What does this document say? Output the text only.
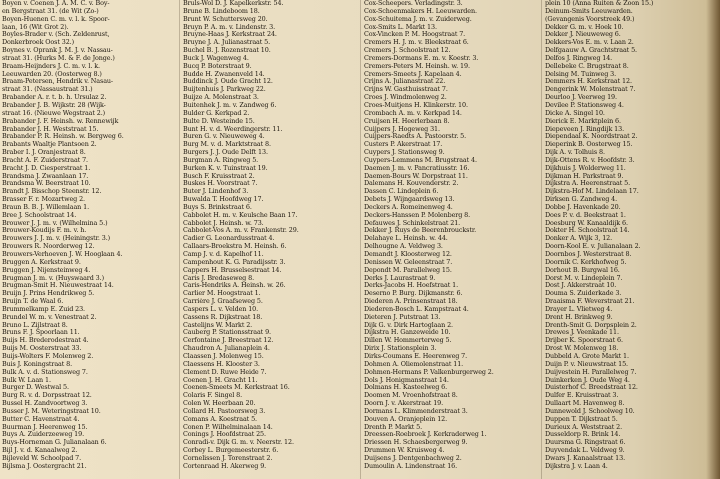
Boyen v. Coenen J. A. M. C. v. Boy-
en Bergstraat 31. (de Wit (Zo-)
Boyen-Huenen C. m. v. l. k. Spoor-
laan, 16 (Wit Grot 2).
Boyles-Brader v. (Sch. Zeldenrust,
Donkerbroek Oost 32.)
Boynes v. Oprank J. M. J. v. Nassau-
straat 31. (Hurks M. & F. de Jonge.)
Braam-Heijnders J. C. m. v. l. k.
Leeuwarden 20. (Oosterweg 8.)
Braam-Petersen, Hendrik v. Nasau-
straat 31. (Nassaustraat 31.)
Brabander A. r. t. b. h. Ursulaz 2.
Brabander J. B. Wijkstr. 28 (Wijk-
straat 16. (Nieuwe Wegstraat 2.)
Brabander J. F. Heinsh. w. Rennewijk
Brabander J. H. Weststraat 15.
Brabander P. R. Heinsh. w. Bergweg 6.
Brabants Waaltje Plantsoen 2.
Braber I. J. Oranjestraat 8.
Bracht A. F. Zuiderstraat 7.
Bracht J. D. Ciesperstraat 1.
Brandsma J. Zwaanlaan 17.
Brandsma W. Beerstraat 10.
Brandt J. Bisschop Steenstr. 12.
Brasser F. r. Mozartweg 2.
Braun B. B. J. Willemlaan 1.
Bree J. Schoolstraat 14.
Brouwer J. J. m. v. (Wilhelmina 5.)
Brouwer-Koudijs F. m. v. h.
Brouwers J. J. m. v. (Heiningstr. 3.)
Brouwers R. Noorderweg 12.
Brouwers-Verhoeven J. W. Hooglaan 4.
Bruggen A. Kerkstraat 9.
Bruggen J. Nijensteinweg 4.
Brugman J. m. v. (Huyswaard 3.)
Brugman-Smit H. Nieuwestraat 14.
Bruijn J. Prins Hendrikweg 5.
Bruijn T. de Waal 6.
Brummelkamp E. Zuid 23.
Brundel W. m. v. Venestraat 2.
Bruno L. Zijlstraat 8.
Bruns F. J. Spoorlaan 11.
Buijs H. Brederodestraat 4.
Buijs M. Oosterstraat 33.
Buijs-Wolters F. Molenweg 2.
Buis J. Koningstraat 8.
Bulk A. v. d. Stationsweg 7.
Bulk W. Laan 1.
Burger D. Westwal 5.
Burg R. v. d. Dorpsstraat 12.
Bussel H. Zandvoortweg 3.
Busser J. M. Weteringstraat 10.
Butter C. Havenstraat 4.
Buurman J. Heerenweg 15.
Buys A. Zuiderzeeweg 19.
Buys-Horneman G. Julianalaan 6.
Bijl J. v. d. Kanaalweg 2.
Bijleveld W. Schoolpad 7.
Bijlsma J. Oostergracht 21.
Bruls-Wol D. J. Kapelkerkstr. 54.
Brune B. Lindeboom 18.
Brunt W. Schuttersweg 20.
Bruyn P. A. m. v. Lindenstr. 3.
Bruyne-Haas J. Kerkstraat 24.
Bruyne J. A. Julianastraat 5.
Buchel B. J. Rozenstraat 10.
Buck J. Wagenweg 4.
Bucq P. Boterstraat 9.
Budde H. Zwanenveld 14.
Buddinck J. Oude Gracht 12.
Buijtenhuis J. Parkweg 22.
Buijze A. Molenstraat 3.
Buitenhek J. m. v. Zandweg 6.
Bulder G. Kerkpad 2.
Bulte D. Westeinde 15.
Bunt H. v. d. Weerdingerstr. 11.
Buren G. v. Nieuweweg 4.
Burg M. v. d. Marktstraat 8.
Burgers J. J. Oude Delft 13.
Burgman A. Ringweg 5.
Burken K. v. Tuinstraat 19.
Busch F. Kruisstraat 2.
Buskes H. Voorstraat 7.
Buter J. Lindenhof 3.
Buwalda T. Hoofdweg 17.
Buys S. Brinkstraat 6.
Cabbolet H. m. v. Keulsche Baan 17.
Cabbolet J. Heinsh. w. 73.
Cabbolet-Vos A. m. v. Frankenstr. 29.
Cadier G. Leonardusstraat 4.
Callaars-Broekstra M. Heinsh. 6.
Camp J. v. d. Kapelhof 11.
Campenhout K. G. Paradijsstr. 3.
Cappers H. Brusselsestraat 14.
Caris J. Bredaseweg 8.
Caris-Hendriks A. Heinsh. w. 26.
Carlier M. Hoogstraat 1.
Carrière J. Graafseweg 5.
Caspers L. v. Velden 10.
Cassens R. Dijkstraat 18.
Castelijns W. Markt 2.
Cauberg P. Stationsstraat 9.
Cerfontaine J. Breestraat 12.
Chaudron A. Julianaplein 4.
Claassen J. Molenweg 15.
Claessens H. Klooster 3.
Clement D. Ruwe Heide 7.
Coenen J. H. Gracht 11.
Coenen-Smeets M. Kerkstraat 16.
Colaris F. Singel 8.
Colen W. Heerbaan 20.
Collard H. Pastoorsweg 3.
Comans A. Koestraat 5.
Conen P. Wilhelminalaan 14.
Conings J. Hoofdstraat 25.
Conradi-v. Dijk G. m. v. Neerstr. 12.
Corbey L. Burgemeesterstr. 6.
Cornelissen J. Torenstraat 2.
Cortenraad H. Akerweg 9.
Cox-Scheepers. Verladingstr. 3.
Cox-Schoenmakers H. Leeuwarden.
Cox-Schuitema J. m. v. Zuiderweg.
Cox-Smits L. Markt 13.
Cox-Vincken P. M. Hoogstraat 7.
Cremers H. J. m. v. Bleekstraat 6.
Cremers J. Schoolstraat 12.
Cremers-Dormans E. m. v. Koestr. 3.
Cremers-Peters M. Heinsh. w. 19.
Cremers-Smeets J. Kapelaan 4.
Crijns A. Julianastraat 22.
Crijns W. Gasthuisstraat 7.
Croes J. Windmolenweg 2.
Croes-Muitjens H. Klinkerstr. 10.
Crombach A. m. v. Kerkpad 14.
Cruijsen H. Heerlerbaan 8.
Cuijpers J. Hogeweg 31.
Cuijpers-Raedts A. Pastoorstr. 5.
Custers P. Akerstraat 17.
Cuypers J. Stationsweg 9.
Cuypers-Lemmens M. Brugstraat 4.
Daemen J. m. v. Pancratiusstr. 16.
Daemen-Bours W. Dorpstraat 11.
Dalemans H. Kouvenderstr. 2.
Dassen C. Lindeplein 6.
Debets J. Wijngaardsweg 13.
Deckers A. Romeinenweg 4.
Deckers-Hanssen P. Molenberg 8.
Defauwes J. Schinkelstraat 21.
Dekker J. Ruys de Beerenbrouckstr.
Delahaye L. Heinsh. w. 44.
Delhougne A. Veldweg 3.
Demandt J. Kloosterweg 12.
Denissen W. Geleenstraat 7.
Depondt M. Parallelweg 15.
Derks J. Laurastraat 9.
Derks-Jacobs H. Hoefstraat 1.
Deserno P. Burg. Dijkmanstr. 6.
Diederen A. Prinsenstraat 18.
Diederen-Bosch L. Kampstraat 4.
Dieteren J. Putstraat 13.
Dijk G. v. Dirk Hartoglaan 2.
Dijkstra H. Ganzeweide 10.
Dillen W. Hommerterweg 5.
Dirix J. Stationsplein 3.
Dirks-Coumans E. Heerenweg 7.
Dohmen A. Oliemolenstraat 11.
Dohmen-Hermans P. Valkenburgerweg 2.
Dols J. Honigmanstraat 14.
Dolmans H. Kasteelweg 6.
Doomen M. Vroenhofstraat 8.
Doorn J. v. Akerstraat 19.
Dormans L. Klimmenderstraat 3.
Douven A. Oranjeplein 12.
Drenth P. Markt 5.
Dreessen-Roebroek J. Kerkraderweg 1.
Driessen H. Schaesbergerweg 9.
Drummen W. Kruisweg 4.
Duijsens J. Dentgenbachweg 2.
Dumoulin A. Lindenstraat 16.
plein 10 (Anna Ruiten & Zoon 15.)
Deinum-Smits Leeuwarden.
(Gevangenis Voorstreek 49.)
Dekker G. m. v. Hoek 10.
Dekker J. Nieuweweg 6.
Dekkers-Vos E. m. v. Laan 2.
Delfgaauw A. Grachtstraat 5.
Delfos J. Ringweg 14.
Dellebeke C. Brugstraat 8.
Delsing M. Tuinweg 3.
Demmers H. Kerkstraat 12.
Dengerink W. Molenstraat 7.
Deurloo J. Veerweg 19.
Devilee P. Stationsweg 4.
Dicke A. Singel 10.
Dierick E. Marktplein 6.
Diepeveen J. Ringdijk 13.
Diependaal K. Noordstraat 2.
Dieperink B. Oosterweg 15.
Dijk A. v. Tolhuis 8.
Dijk-Ottens R. v. Hoofdstr. 3.
Dijkhuis J. Wolderweg 11.
Dijkman H. Parkstraat 9.
Dijkstra A. Heerenstraat 5.
Dijkstra-Hof M. Lindelaan 17.
Dirksen G. Zandweg 4.
Dobbe J. Havenkade 20.
Does P. v. d. Beekstraat 1.
Doesburg W. Kanaaldijk 6.
Dokter H. Schoolstraat 14.
Donker A. Wijk 3, 12.
Doorn-Kool E. v. Julianalaan 2.
Doornbos J. Westerstraat 8.
Doornik C. Kerkhofweg 5.
Dorhout B. Burgwal 16.
Dorst M. v. Lindeplein 7.
Dost J. Akkerstraat 10.
Douma S. Zuiderkade 3.
Draaisma F. Weverstraat 21.
Drayer L. Vlietweg 4.
Drent H. Brinkweg 9.
Drenth-Smit G. Dorpsplein 2.
Drewes J. Veenkade 11.
Drijber K. Spoorstraat 6.
Drost W. Molenweg 18.
Dubbeld A. Grote Markt 1.
Duijn P. v. Nieuwstraat 15.
Duijvestein H. Parallelweg 7.
Duinkerken J. Oude Weg 4.
Duisterhof C. Breedstraat 12.
Dulfer E. Kruisstraat 3.
Dullaart M. Havenweg 8.
Dunnewold J. Schoolweg 10.
Duppen T. Dijkstraat 5.
Durieux A. Weststraat 2.
Dusseldorp R. Brink 14.
Duursma G. Ringstraat 6.
Duyvendak L. Veldweg 9.
Dwars J. Kanaalstraat 13.
Dijkstra J. v. Laan 4.
